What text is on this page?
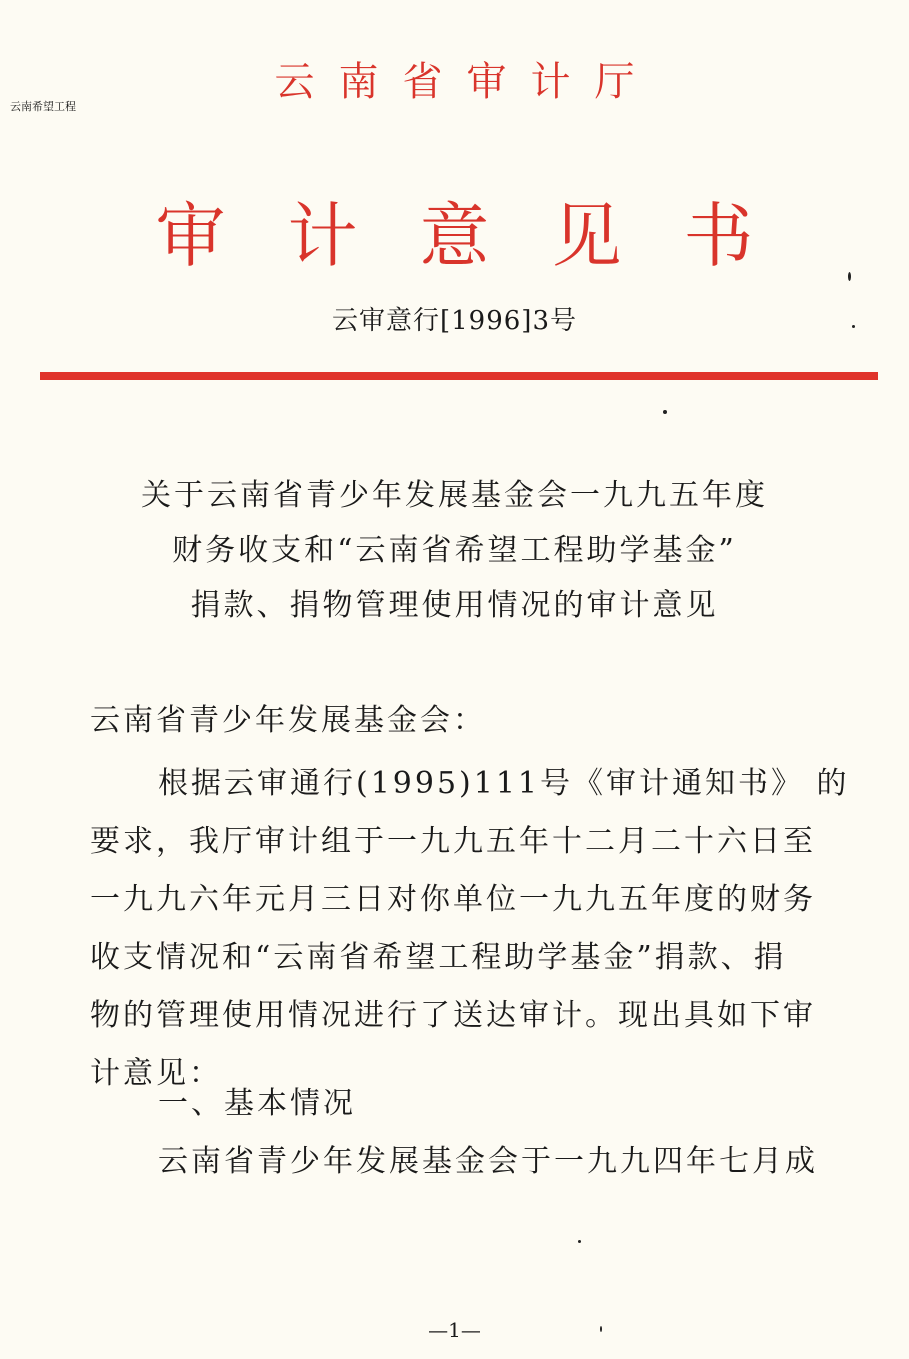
云南希望工程
云南省审计厅
审计意见书
云审意行[1996]3号
关于云南省青少年发展基金会一九九五年度
财务收支和“云南省希望工程助学基金”
捐款、捐物管理使用情况的审计意见
云南省青少年发展基金会：
根据云审通行(1995)111号《审计通知书》 的
要求，我厅审计组于一九九五年十二月二十六日至
一九九六年元月三日对你单位一九九五年度的财务
收支情况和“云南省希望工程助学基金”捐款、捐
物的管理使用情况进行了送达审计。现出具如下审
计意见：
一、基本情况
云南省青少年发展基金会于一九九四年七月成
—1—
